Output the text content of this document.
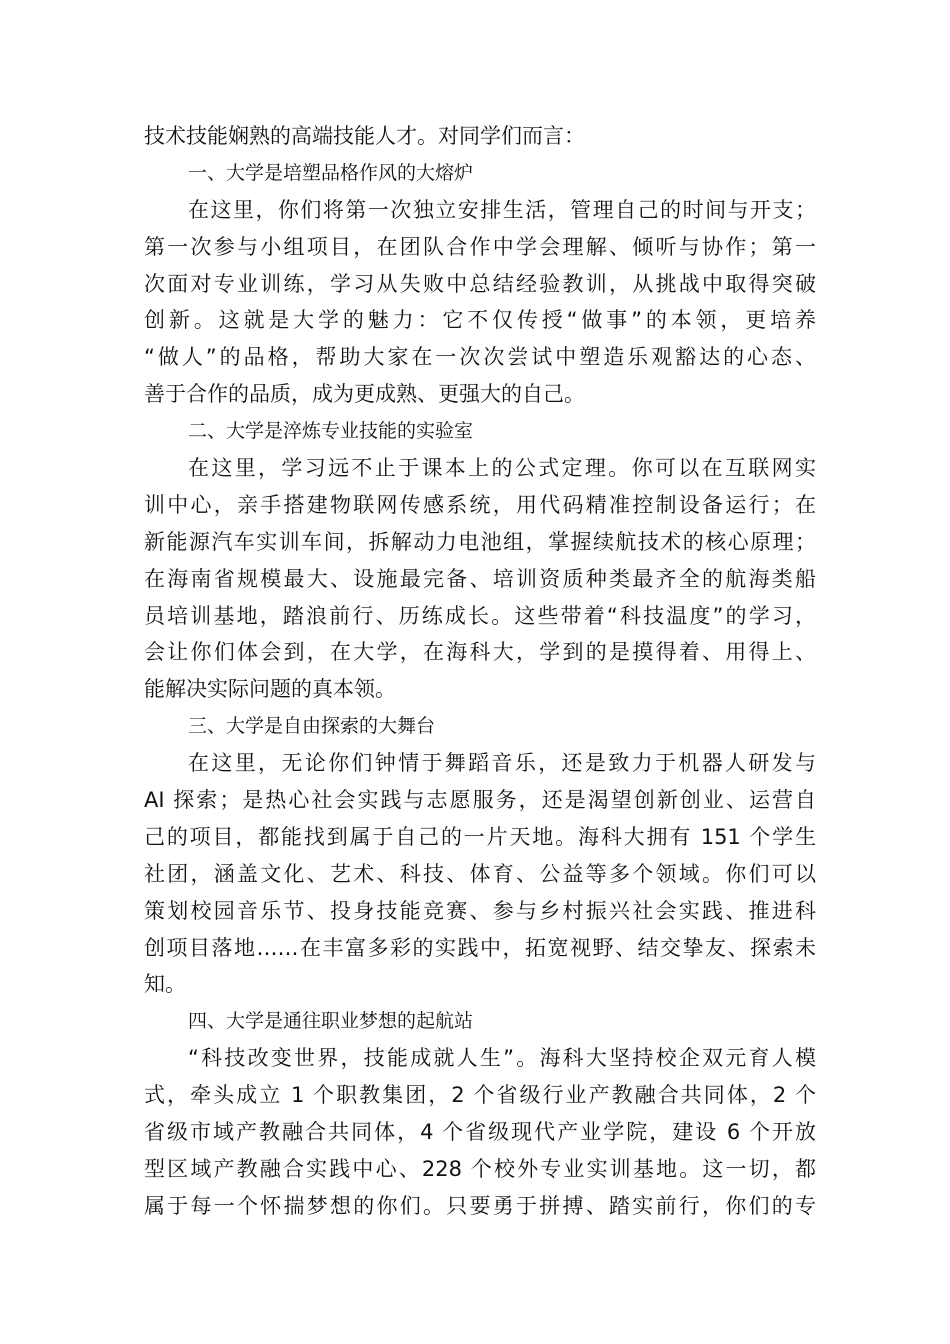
技术技能娴熟的高端技能人才。对同学们而言：
一、大学是培塑品格作风的大熔炉
在这里，你们将第一次独立安排生活，管理自己的时间与开支；
第一次参与小组项目，在团队合作中学会理解、倾听与协作；第一
次面对专业训练，学习从失败中总结经验教训，从挑战中取得突破
创新。这就是大学的魅力：它不仅传授“做事”的本领，更培养
“做人”的品格，帮助大家在一次次尝试中塑造乐观豁达的心态、
善于合作的品质，成为更成熟、更强大的自己。
二、大学是淬炼专业技能的实验室
在这里，学习远不止于课本上的公式定理。你可以在互联网实
训中心，亲手搭建物联网传感系统，用代码精准控制设备运行；在
新能源汽车实训车间，拆解动力电池组，掌握续航技术的核心原理；
在海南省规模最大、设施最完备、培训资质种类最齐全的航海类船
员培训基地，踏浪前行、历练成长。这些带着“科技温度”的学习，
会让你们体会到，在大学，在海科大，学到的是摸得着、用得上、
能解决实际问题的真本领。
三、大学是自由探索的大舞台
在这里，无论你们钟情于舞蹈音乐，还是致力于机器人研发与
AI 探索；是热心社会实践与志愿服务，还是渴望创新创业、运营自
己的项目，都能找到属于自己的一片天地。海科大拥有 151 个学生
社团，涵盖文化、艺术、科技、体育、公益等多个领域。你们可以
策划校园音乐节、投身技能竞赛、参与乡村振兴社会实践、推进科
创项目落地……在丰富多彩的实践中，拓宽视野、结交挚友、探索未
知。
四、大学是通往职业梦想的起航站
“科技改变世界，技能成就人生”。海科大坚持校企双元育人模
式，牵头成立 1 个职教集团，2 个省级行业产教融合共同体，2 个
省级市域产教融合共同体，4 个省级现代产业学院，建设 6 个开放
型区域产教融合实践中心、228 个校外专业实训基地。这一切，都
属于每一个怀揣梦想的你们。只要勇于拼搏、踏实前行，你们的专
